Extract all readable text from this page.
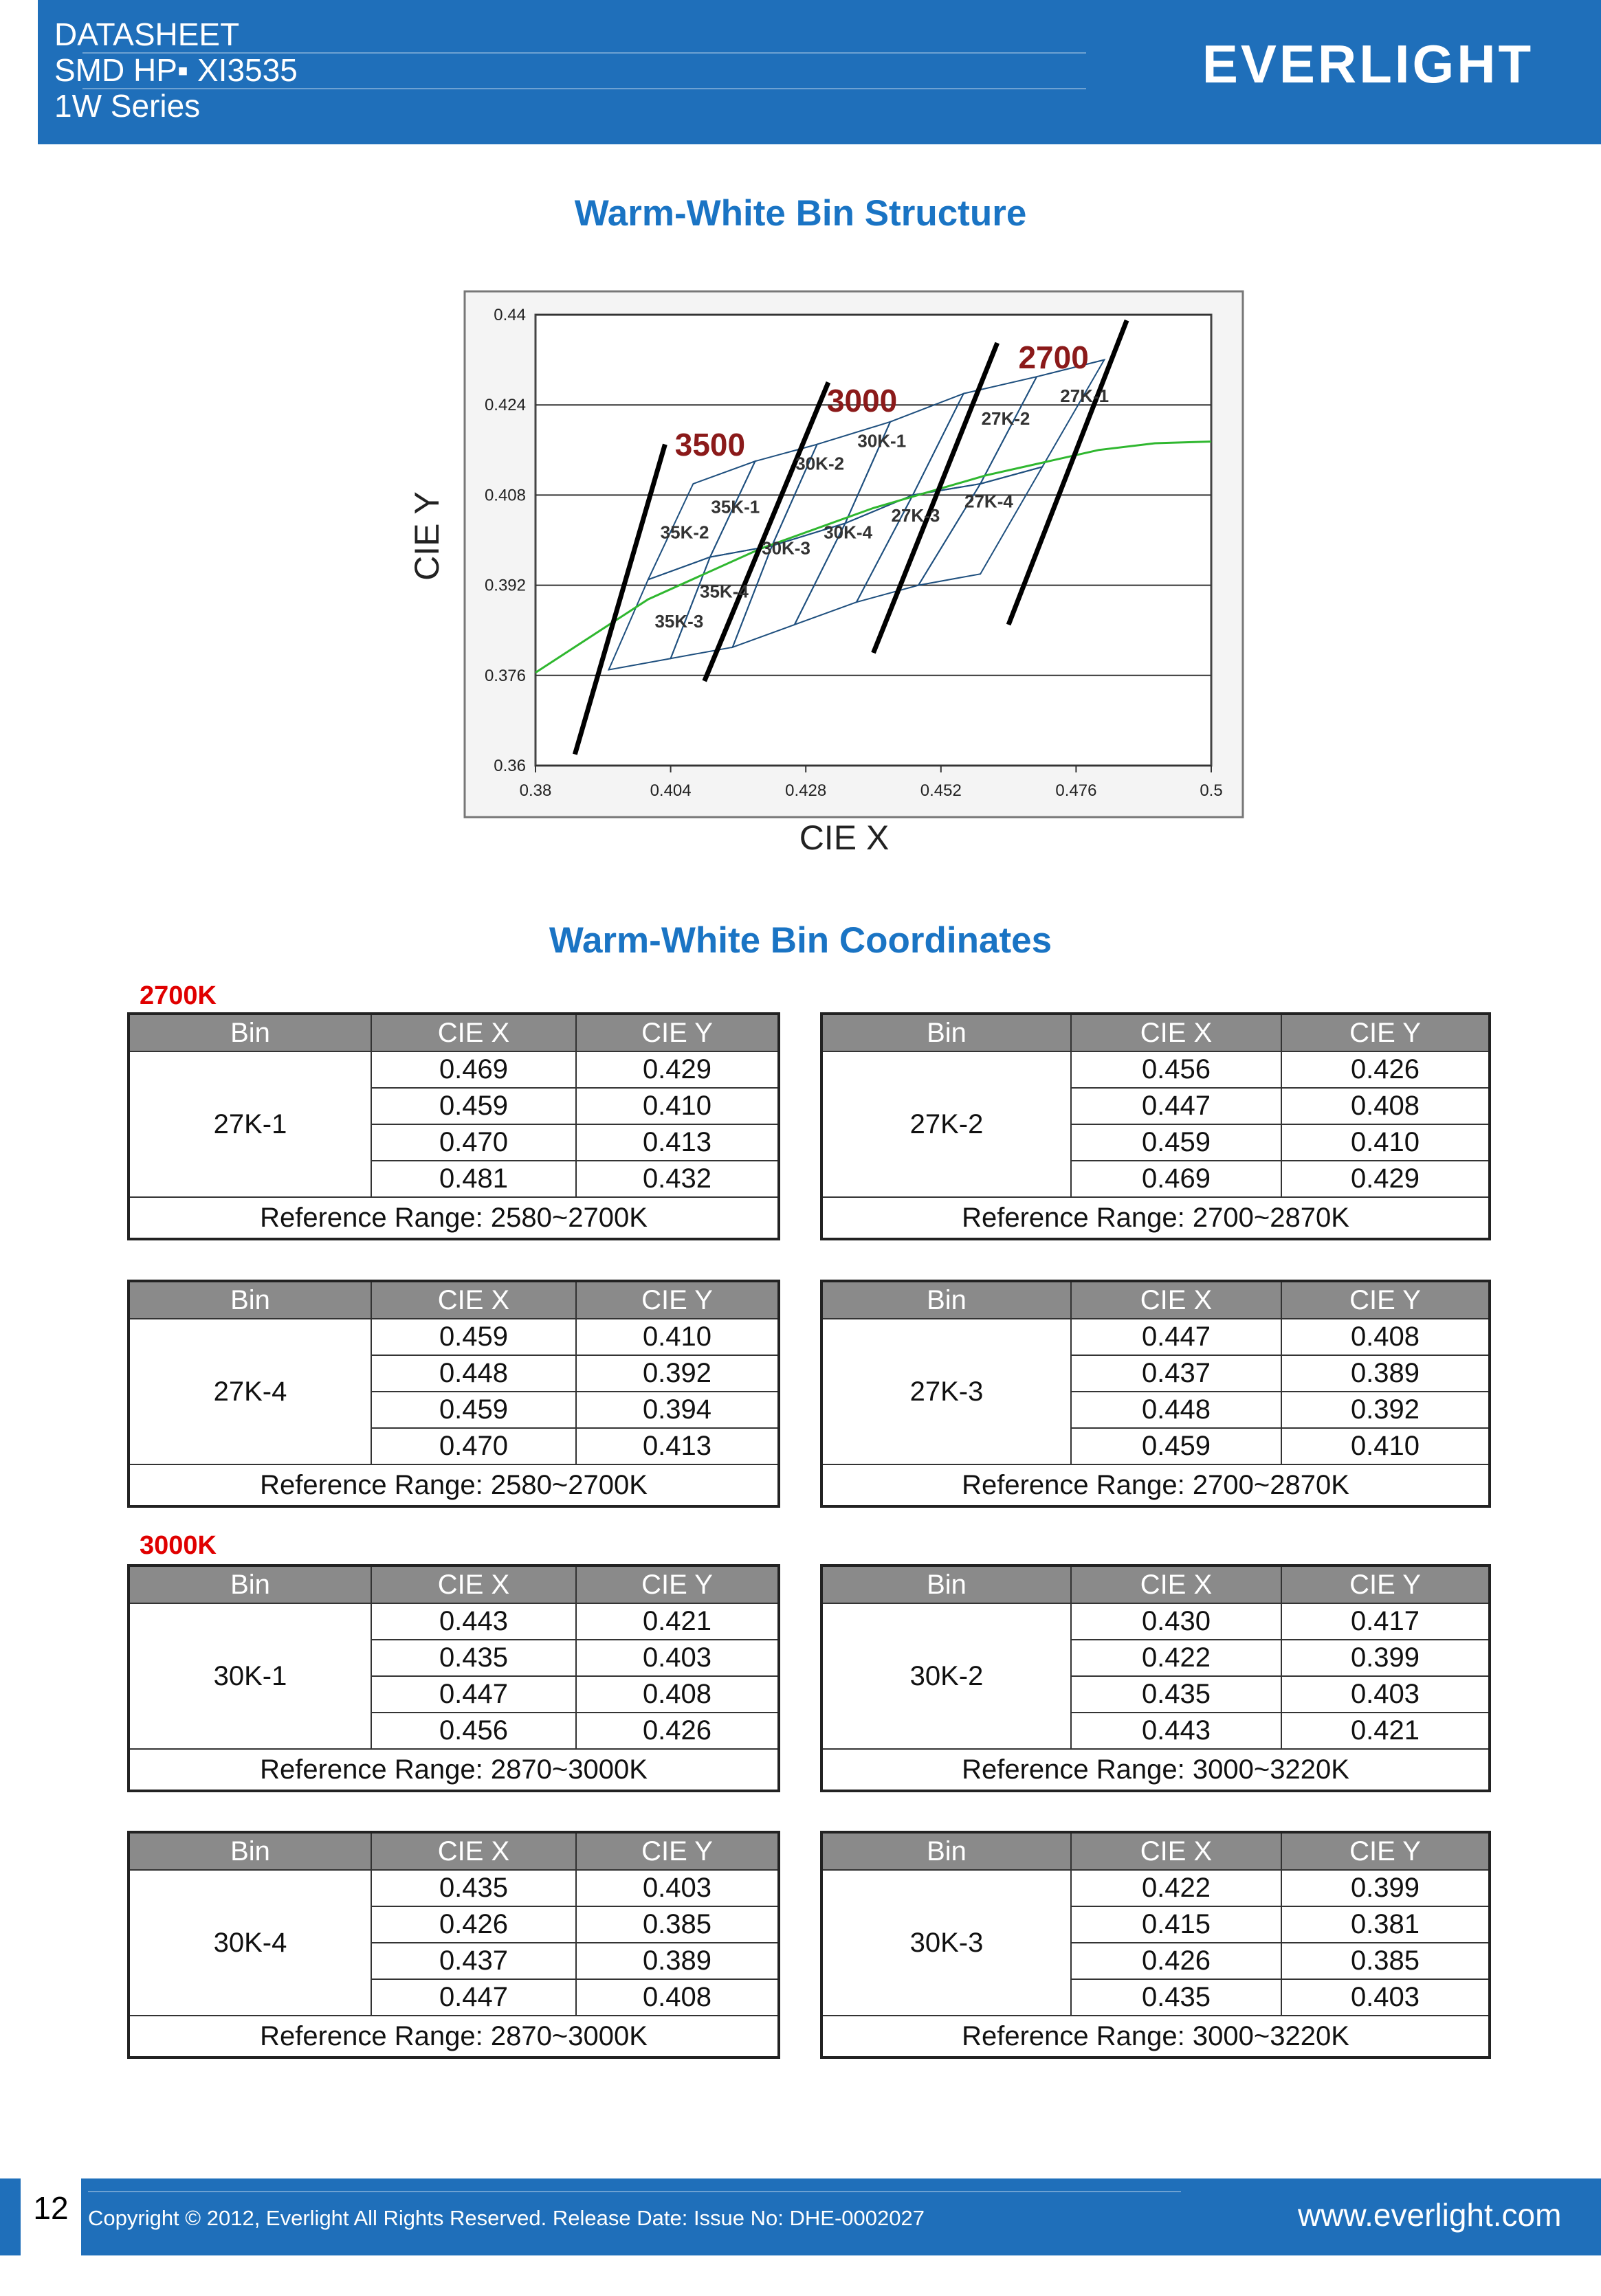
DATASHEET
SMD HP▪ XI3535
1W Series
EVERLIGHT
Warm-White Bin Structure
Warm-White Bin Coordinates
27K-1
27K-2
27K-3
27K-4
30K-1
30K-2
30K-3
30K-4
35K-1
35K-2
35K-3
35K-4
2700
3000
3500
0.44
0.424
0.408
0.392
0.376
0.36
0.38	0.404	0.428	0.452	0.476	0.5
CIE X
CIE Y
2700K
3000K
Bin	CIE X	CIE Y
27K-1	0.469	0.429
	0.459	0.410
	0.470	0.413
	0.481	0.432
Reference Range: 2580~2700K		
Bin	CIE X	CIE Y
27K-2	0.456	0.426
	0.447	0.408
	0.459	0.410
	0.469	0.429
Reference Range: 2700~2870K		
Bin	CIE X	CIE Y
27K-4	0.459	0.410
	0.448	0.392
	0.459	0.394
	0.470	0.413
Reference Range: 2580~2700K		
Bin	CIE X	CIE Y
27K-3	0.447	0.408
	0.437	0.389
	0.448	0.392
	0.459	0.410
Reference Range: 2700~2870K		
Bin	CIE X	CIE Y
30K-1	0.443	0.421
	0.435	0.403
	0.447	0.408
	0.456	0.426
Reference Range: 2870~3000K		
Bin	CIE X	CIE Y
30K-2	0.430	0.417
	0.422	0.399
	0.435	0.403
	0.443	0.421
Reference Range: 3000~3220K		
Bin	CIE X	CIE Y
30K-4	0.435	0.403
	0.426	0.385
	0.437	0.389
	0.447	0.408
Reference Range: 2870~3000K		
Bin	CIE X	CIE Y
30K-3	0.422	0.399
	0.415	0.381
	0.426	0.385
	0.435	0.403
Reference Range: 3000~3220K		
12 Copyright © 2012, Everlight All Rights Reserved. Release Date: Issue No: DHE-0002027	www.everlight.com
